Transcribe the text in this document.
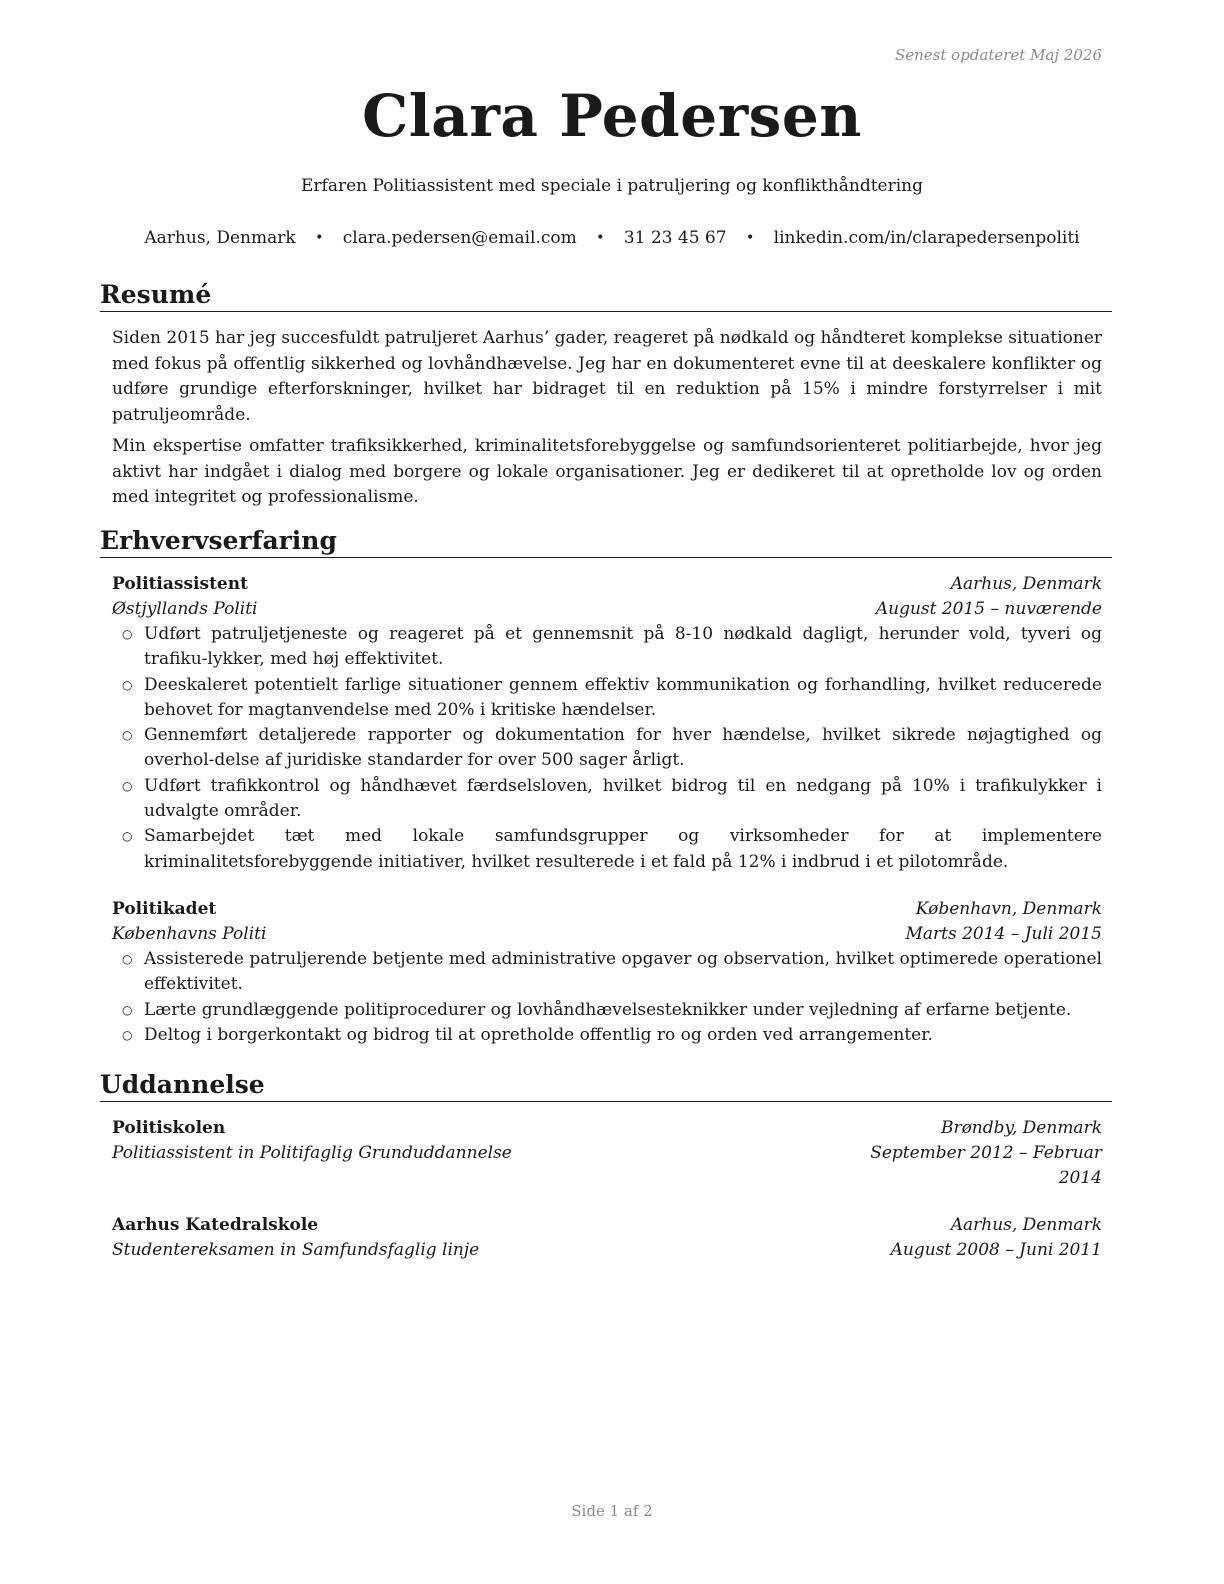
Senest opdateret Maj 2026
Clara Pedersen
Erfaren Politiassistent med speciale i patruljering og konflikthåndtering
Aarhus, Denmark • clara.pedersen@email.com • 31 23 45 67 • linkedin.com/in/clarapedersenpoliti
Resumé

Siden 2015 har jeg succesfuldt patruljeret Aarhus’ gader, reageret på nødkald og håndteret komplekse situationer med fokus på offentlig sikkerhed og lovhåndhævelse. Jeg har en dokumenteret evne til at deeskalere konflikter og udføre grundige efterforskninger, hvilket har bidraget til en reduktion på 15% i mindre forstyrrelser i mit patruljeområde.

Min ekspertise omfatter trafiksikkerhed, kriminalitetsforebyggelse og samfundsorienteret politiarbejde, hvor jeg aktivt har indgået i dialog med borgere og lokale organisationer. Jeg er dedikeret til at opretholde lov og orden med integritet og professionalisme.

Erhvervserfaring
Politiassistent	Aarhus, Denmark
Østjyllands Politi	August 2015 – nuværende
○ Udført patruljetjeneste og reageret på et gennemsnit på 8-10 nødkald dagligt, herunder vold, tyveri og trafiku-lykker, med høj effektivitet.
○ Deeskaleret potentielt farlige situationer gennem effektiv kommunikation og forhandling, hvilket reducerede behovet for magtanvendelse med 20% i kritiske hændelser.
○ Gennemført detaljerede rapporter og dokumentation for hver hændelse, hvilket sikrede nøjagtighed og overhol-delse af juridiske standarder for over 500 sager årligt.
○ Udført trafikkontrol og håndhævet færdselsloven, hvilket bidrog til en nedgang på 10% i trafikulykker i udvalgte områder.
○ Samarbejdet tæt med lokale samfundsgrupper og virksomheder for at implementere kriminalitetsforebyggende initiativer, hvilket resulterede i et fald på 12% i indbrud i et pilotområde.
Politikadet	København, Denmark
Københavns Politi	Marts 2014 – Juli 2015
○ Assisterede patruljerende betjente med administrative opgaver og observation, hvilket optimerede operationel effektivitet.
○ Lærte grundlæggende politiprocedurer og lovhåndhævelsesteknikker under vejledning af erfarne betjente.
○ Deltog i borgerkontakt og bidrog til at opretholde offentlig ro og orden ved arrangementer.
Uddannelse
Politiskolen	Brøndby, Denmark
Politiassistent in Politifaglig Grunduddannelse	September 2012 – Februar
2014
Aarhus Katedralskole	Aarhus, Denmark
Studentereksamen in Samfundsfaglig linje	August 2008 – Juni 2011
Side 1 af 2
